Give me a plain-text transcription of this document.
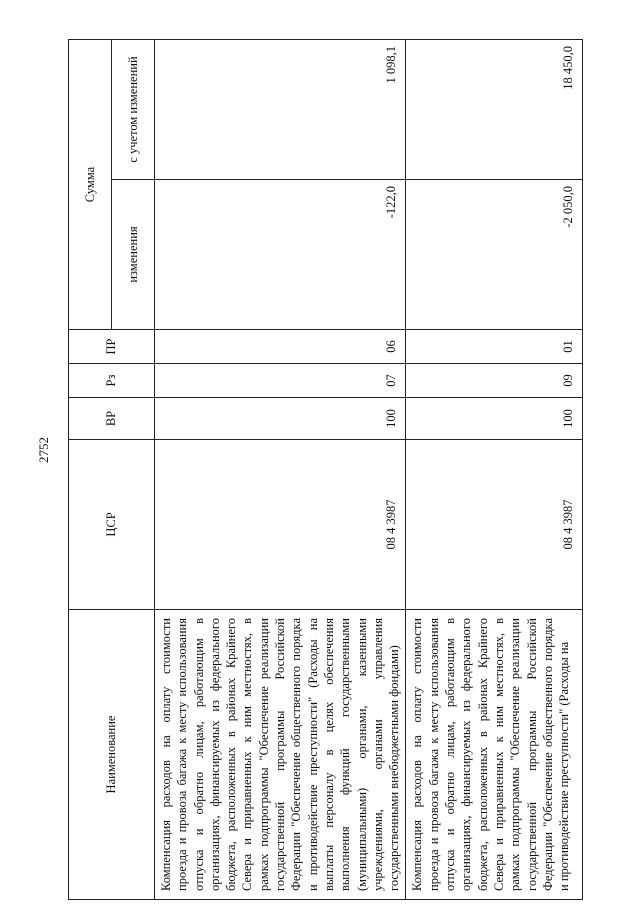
2752
Наименование	ЦСР	ВР	Рз	ПР	Сумма	
					изменения	с учетом изменений
Компенсация расходов на оплату стоимости проезда и провоза багажа к месту использования отпуска и обратно лицам, работающим в организациях, финансируемых из федерального бюджета, расположенных в районах Крайнего Севера и приравненных к ним местностях, в рамках подпрограммы "Обеспечение реализации государственной программы Российской Федерации "Обеспечение общественного порядка и противодействие преступности" (Расходы на выплаты персоналу в целях обеспечения выполнения функций государственными (муниципальными) органами, казенными учреждениями, органами управления государственными внебюджетными фондами)	08 4 3987	100	07	06	-122,0	1 098,1
Компенсация расходов на оплату стоимости проезда и провоза багажа к месту использования отпуска и обратно лицам, работающим в организациях, финансируемых из федерального бюджета, расположенных в районах Крайнего Севера и приравненных к ним местностях, в рамках подпрограммы "Обеспечение реализации государственной программы Российской Федерации "Обеспечение общественного порядка и противодействие преступности" (Расходы на	08 4 3987	100	09	01	-2 050,0	18 450,0
